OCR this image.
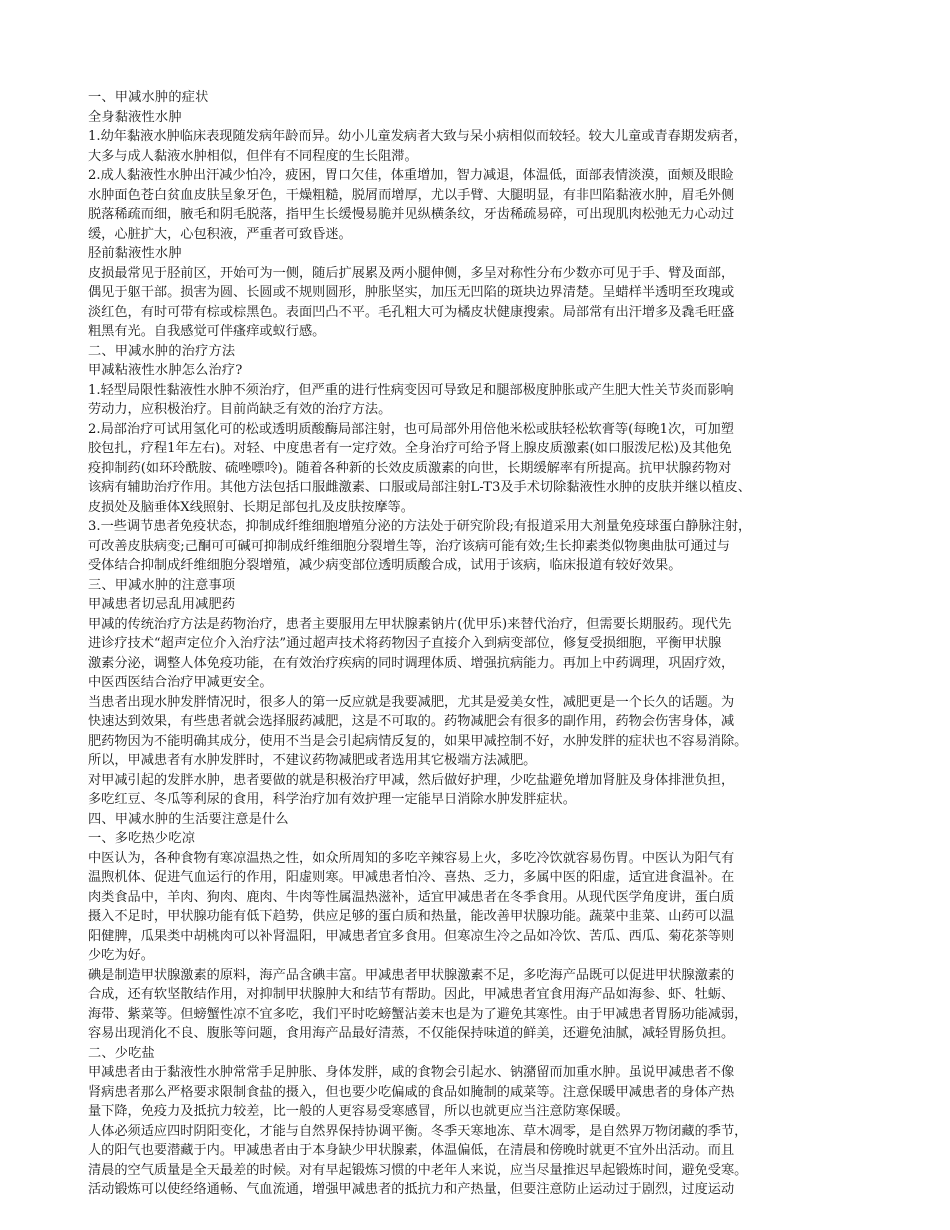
一、甲减水肿的症状

全身黏液性水肿

1.幼年黏液水肿临床表现随发病年龄而异。幼小儿童发病者大致与呆小病相似而较轻。较大儿童或青春期发病者，

大多与成人黏液水肿相似，但伴有不同程度的生长阻滞。

2.成人黏液性水肿出汗减少怕冷，疲困，胃口欠佳，体重增加，智力减退，体温低，面部表情淡漠，面颊及眼睑

水肿面色苍白贫血皮肤呈象牙色，干燥粗糙，脱屑而增厚，尤以手臂、大腿明显，有非凹陷黏液水肿，眉毛外侧

脱落稀疏而细，腋毛和阴毛脱落，指甲生长缓慢易脆并见纵横条纹，牙齿稀疏易碎，可出现肌肉松弛无力心动过

缓，心脏扩大，心包积液，严重者可致昏迷。

胫前黏液性水肿

皮损最常见于胫前区，开始可为一侧，随后扩展累及两小腿伸侧，多呈对称性分布少数亦可见于手、臂及面部，

偶见于躯干部。损害为圆、长圆或不规则圆形，肿胀坚实，加压无凹陷的斑块边界清楚。呈蜡样半透明至玫瑰或

淡红色，有时可带有棕或棕黑色。表面凹凸不平。毛孔粗大可为橘皮状健康搜索。局部常有出汗增多及毳毛旺盛

粗黑有光。自我感觉可伴瘙痒或蚁行感。

二、甲减水肿的治疗方法

甲减粘液性水肿怎么治疗?

1.轻型局限性黏液性水肿不须治疗，但严重的进行性病变因可导致足和腿部极度肿胀或产生肥大性关节炎而影响

劳动力，应积极治疗。目前尚缺乏有效的治疗方法。

2.局部治疗可试用氢化可的松或透明质酸酶局部注射，也可局部外用倍他米松或肤轻松软膏等(每晚1次，可加塑

胶包扎，疗程1年左右)。对轻、中度患者有一定疗效。全身治疗可给予肾上腺皮质激素(如口服泼尼松)及其他免

疫抑制药(如环玲酰胺、硫唑嘌呤)。随着各种新的长效皮质激素的向世，长期缓解率有所提高。抗甲状腺药物对

该病有辅助治疗作用。其他方法包括口服雌激素、口服或局部注射L-T3及手术切除黏液性水肿的皮肤并继以植皮、

皮损处及脑垂体X线照射、长期足部包扎及皮肤按摩等。

3.一些调节患者免疫状态，抑制成纤维细胞增殖分泌的方法处于研究阶段;有报道采用大剂量免疫球蛋白静脉注射，

可改善皮肤病变;己酮可可碱可抑制成纤维细胞分裂增生等，治疗该病可能有效;生长抑素类似物奥曲肽可通过与

受体结合抑制成纤维细胞分裂增殖，减少病变部位透明质酸合成，试用于该病，临床报道有较好效果。

三、甲减水肿的注意事项

甲减患者切忌乱用减肥药

甲减的传统治疗方法是药物治疗，患者主要服用左甲状腺素钠片(优甲乐)来替代治疗，但需要长期服药。现代先

进诊疗技术“超声定位介入治疗法”通过超声技术将药物因子直接介入到病变部位，修复受损细胞，平衡甲状腺

激素分泌，调整人体免疫功能，在有效治疗疾病的同时调理体质、增强抗病能力。再加上中药调理，巩固疗效，

中医西医结合治疗甲减更安全。

当患者出现水肿发胖情况时，很多人的第一反应就是我要减肥，尤其是爱美女性，减肥更是一个长久的话题。为

快速达到效果，有些患者就会选择服药减肥，这是不可取的。药物减肥会有很多的副作用，药物会伤害身体，减

肥药物因为不能明确其成分，使用不当是会引起病情反复的，如果甲减控制不好，水肿发胖的症状也不容易消除。

所以，甲减患者有水肿发胖时，不建议药物减肥或者选用其它极端方法减肥。

对甲减引起的发胖水肿，患者要做的就是积极治疗甲减，然后做好护理，少吃盐避免增加肾脏及身体排泄负担，

多吃红豆、冬瓜等利尿的食用，科学治疗加有效护理一定能早日消除水肿发胖症状。

四、甲减水肿的生活要注意是什么

一、多吃热少吃凉

中医认为，各种食物有寒凉温热之性，如众所周知的多吃辛辣容易上火，多吃冷饮就容易伤胃。中医认为阳气有

温煦机体、促进气血运行的作用，阳虚则寒。甲减患者怕冷、喜热、乏力，多属中医的阳虚，适宜进食温补。在

肉类食品中，羊肉、狗肉、鹿肉、牛肉等性属温热滋补，适宜甲减患者在冬季食用。从现代医学角度讲，蛋白质

摄入不足时，甲状腺功能有低下趋势，供应足够的蛋白质和热量，能改善甲状腺功能。蔬菜中韭菜、山药可以温

阳健脾，瓜果类中胡桃肉可以补肾温阳，甲减患者宜多食用。但寒凉生冷之品如冷饮、苦瓜、西瓜、菊花茶等则

少吃为好。

碘是制造甲状腺激素的原料，海产品含碘丰富。甲减患者甲状腺激素不足，多吃海产品既可以促进甲状腺激素的

合成，还有软坚散结作用，对抑制甲状腺肿大和结节有帮助。因此，甲减患者宜食用海产品如海参、虾、牡蛎、

海带、紫菜等。但螃蟹性凉不宜多吃，我们平时吃螃蟹沾姜末也是为了避免其寒性。由于甲减患者胃肠功能减弱，

容易出现消化不良、腹胀等问题，食用海产品最好清蒸，不仅能保持味道的鲜美，还避免油腻，减轻胃肠负担。

二、少吃盐

甲减患者由于黏液性水肿常常手足肿胀、身体发胖，咸的食物会引起水、钠潴留而加重水肿。虽说甲减患者不像

肾病患者那么严格要求限制食盐的摄入，但也要少吃偏咸的食品如腌制的咸菜等。注意保暖甲减患者的身体产热

量下降，免疫力及抵抗力较差，比一般的人更容易受寒感冒，所以也就更应当注意防寒保暖。

人体必须适应四时阴阳变化，才能与自然界保持协调平衡。冬季天寒地冻、草木凋零，是自然界万物闭藏的季节，

人的阳气也要潜藏于内。甲减患者由于本身缺少甲状腺素，体温偏低，在清晨和傍晚时就更不宜外出活动。而且

清晨的空气质量是全天最差的时候。对有早起锻炼习惯的中老年人来说，应当尽量推迟早起锻炼时间，避免受寒。

活动锻炼可以使经络通畅、气血流通，增强甲减患者的抵抗力和产热量，但要注意防止运动过于剧烈，过度运动
